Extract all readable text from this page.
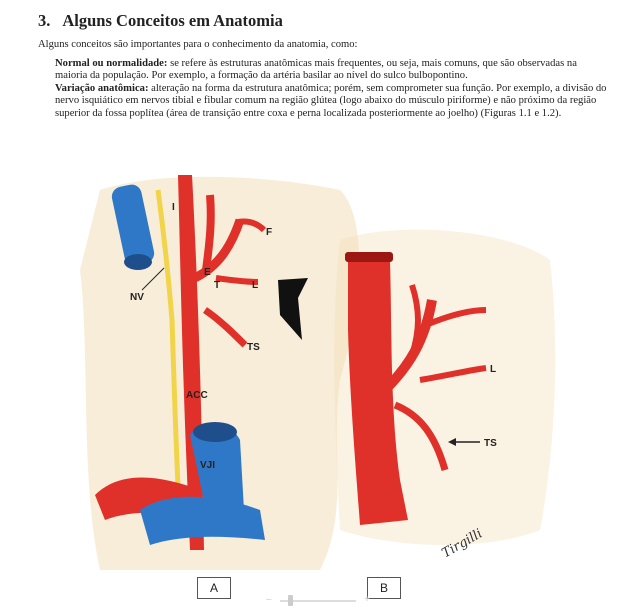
3. Alguns Conceitos em Anatomia

Alguns conceitos são importantes para o conhecimento da anatomia, como:

Normal ou normalidade: se refere às estruturas anatômicas mais frequentes, ou seja, mais comuns, que são observadas na maioria da população. Por exemplo, a formação da artéria basilar ao nível do sulco bulbopontino.

Variação anatômica: alteração na forma da estrutura anatômica; porém, sem comprometer sua função. Por exemplo, a divisão do nervo isquiático em nervos tibial e fibular comum na região glútea (logo abaixo do músculo piriforme) e não próximo da região superior da fossa poplítea (área de transição entre coxa e perna localizada posteriormente ao joelho) (Figuras 1.1 e 1.2).

I
F
E
T	L
NV
TS
ACC
VJI
L
TS
Tirgilli
A	B
–	+
